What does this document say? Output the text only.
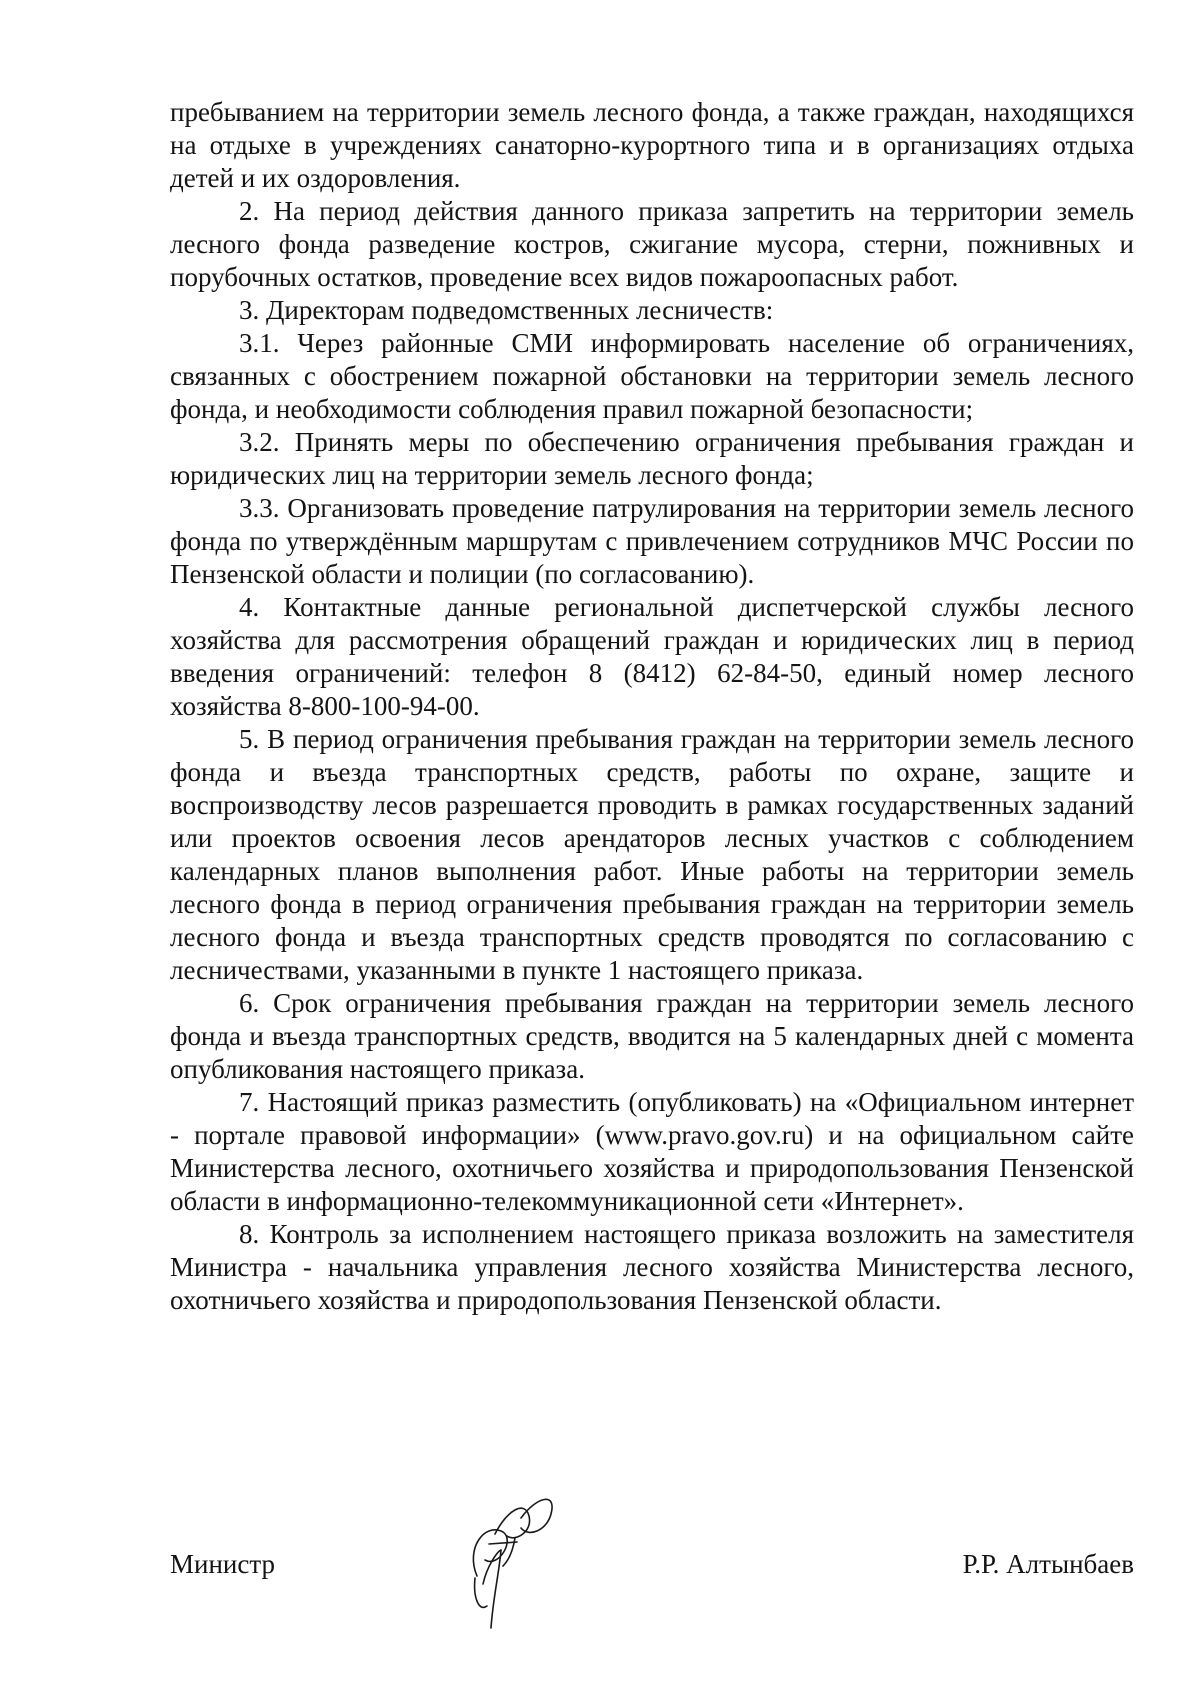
пребыванием на территории земель лесного фонда, а также граждан, находящихся на отдыхе в учреждениях санаторно-курортного типа и в организациях отдыха детей и их оздоровления.

2. На период действия данного приказа запретить на территории земель лесного фонда разведение костров, сжигание мусора, стерни, пожнивных и порубочных остатков, проведение всех видов пожароопасных работ.

3. Директорам подведомственных лесничеств:

3.1. Через районные СМИ информировать население об ограничениях, связанных с обострением пожарной обстановки на территории земель лесного фонда, и необходимости соблюдения правил пожарной безопасности;

3.2. Принять меры по обеспечению ограничения пребывания граждан и юридических лиц на территории земель лесного фонда;

3.3. Организовать проведение патрулирования на территории земель лесного фонда по утверждённым маршрутам с привлечением сотрудников МЧС России по Пензенской области и полиции (по согласованию).

4. Контактные данные региональной диспетчерской службы лесного хозяйства для рассмотрения обращений граждан и юридических лиц в период введения ограничений: телефон 8 (8412) 62-84-50, единый номер лесного хозяйства 8-800-100-94-00.

5. В период ограничения пребывания граждан на территории земель лесного фонда и въезда транспортных средств, работы по охране, защите и воспроизводству лесов разрешается проводить в рамках государственных заданий или проектов освоения лесов арендаторов лесных участков с соблюдением календарных планов выполнения работ. Иные работы на территории земель лесного фонда в период ограничения пребывания граждан на территории земель лесного фонда и въезда транспортных средств проводятся по согласованию с лесничествами, указанными в пункте 1 настоящего приказа.

6. Срок ограничения пребывания граждан на территории земель лесного фонда и въезда транспортных средств, вводится на 5 календарных дней с момента опубликования настоящего приказа.

7. Настоящий приказ разместить (опубликовать) на «Официальном интернет - портале правовой информации» (www.pravo.gov.ru) и на официальном сайте Министерства лесного, охотничьего хозяйства и природопользования Пензенской области в информационно-телекоммуникационной сети «Интернет».

8. Контроль за исполнением настоящего приказа возложить на заместителя Министра - начальника управления лесного хозяйства Министерства лесного, охотничьего хозяйства и природопользования Пензенской области.

Министр	Р.Р. Алтынбаев
